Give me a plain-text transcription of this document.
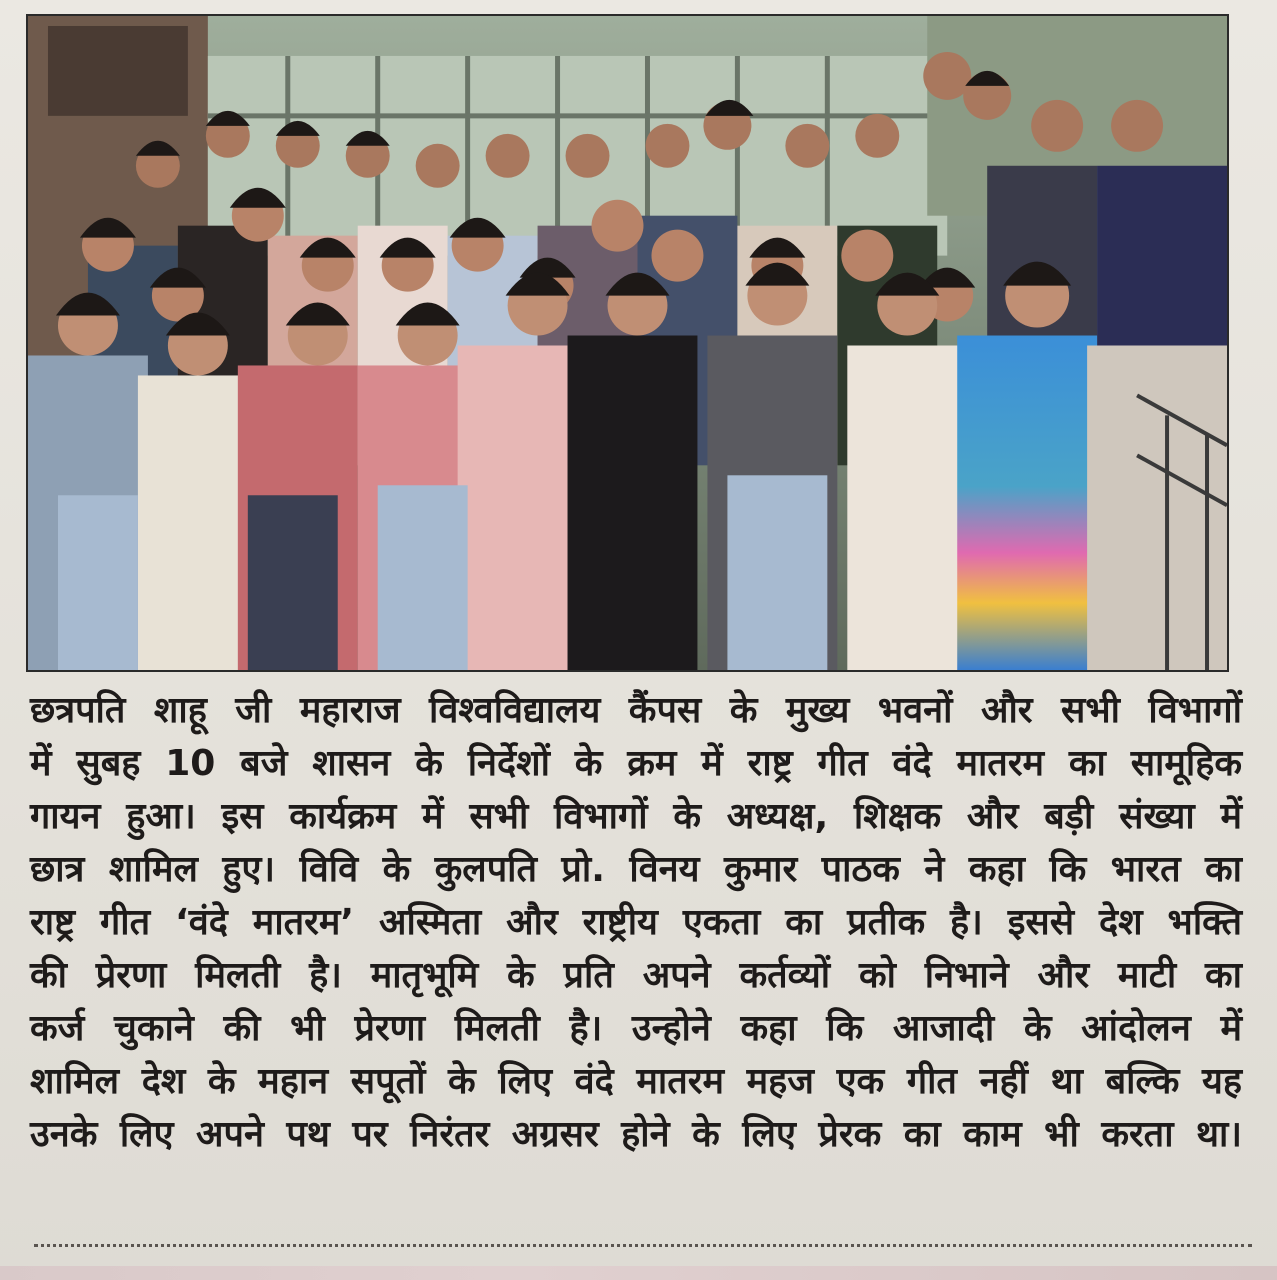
छत्रपति शाहू जी महाराज विश्वविद्यालय कैंपस के मुख्य भवनों और सभी विभागों
में सुबह 10 बजे शासन के निर्देशों के क्रम में राष्ट्र गीत वंदे मातरम का सामूहिक
गायन हुआ। इस कार्यक्रम में सभी विभागों के अध्यक्ष, शिक्षक और बड़ी संख्या में
छात्र शामिल हुए। विवि के कुलपति प्रो. विनय कुमार पाठक ने कहा कि भारत का
राष्ट्र गीत ‘वंदे मातरम’ अस्मिता और राष्ट्रीय एकता का प्रतीक है। इससे देश भक्ति
की प्रेरणा मिलती है। मातृभूमि के प्रति अपने कर्तव्यों को निभाने और माटी का
कर्ज चुकाने की भी प्रेरणा मिलती है। उन्होने कहा कि आजादी के आंदोलन में
शामिल देश के महान सपूतों के लिए वंदे मातरम महज एक गीत नहीं था बल्कि यह
उनके लिए अपने पथ पर निरंतर अग्रसर होने के लिए प्रेरक का काम भी करता था।
